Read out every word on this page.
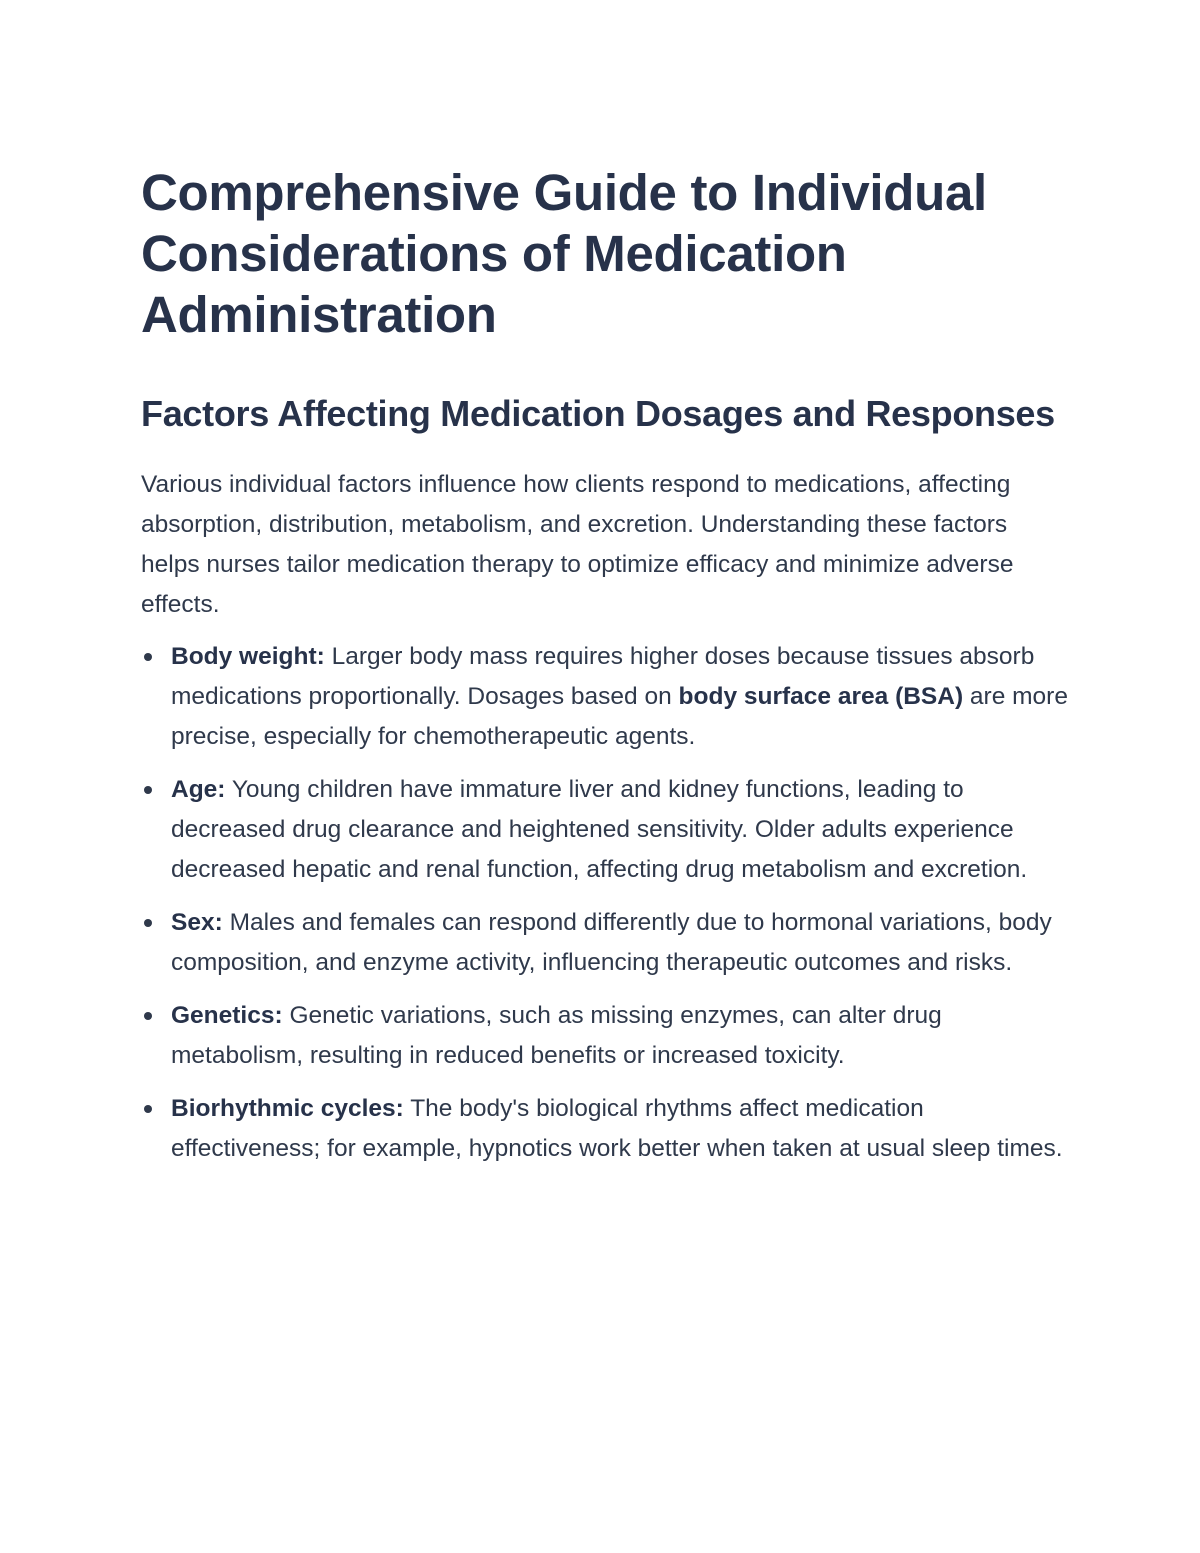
Comprehensive Guide to Individual Considerations of Medication Administration
Factors Affecting Medication Dosages and Responses

Various individual factors influence how clients respond to medications, affecting absorption, distribution, metabolism, and excretion. Understanding these factors helps nurses tailor medication therapy to optimize efficacy and minimize adverse effects.

Body weight: Larger body mass requires higher doses because tissues absorb medications proportionally. Dosages based on body surface area (BSA) are more precise, especially for chemotherapeutic agents.
Age: Young children have immature liver and kidney functions, leading to decreased drug clearance and heightened sensitivity. Older adults experience decreased hepatic and renal function, affecting drug metabolism and excretion.
Sex: Males and females can respond differently due to hormonal variations, body composition, and enzyme activity, influencing therapeutic outcomes and risks.
Genetics: Genetic variations, such as missing enzymes, can alter drug metabolism, resulting in reduced benefits or increased toxicity.
Biorhythmic cycles: The body's biological rhythms affect medication effectiveness; for example, hypnotics work better when taken at usual sleep times.
